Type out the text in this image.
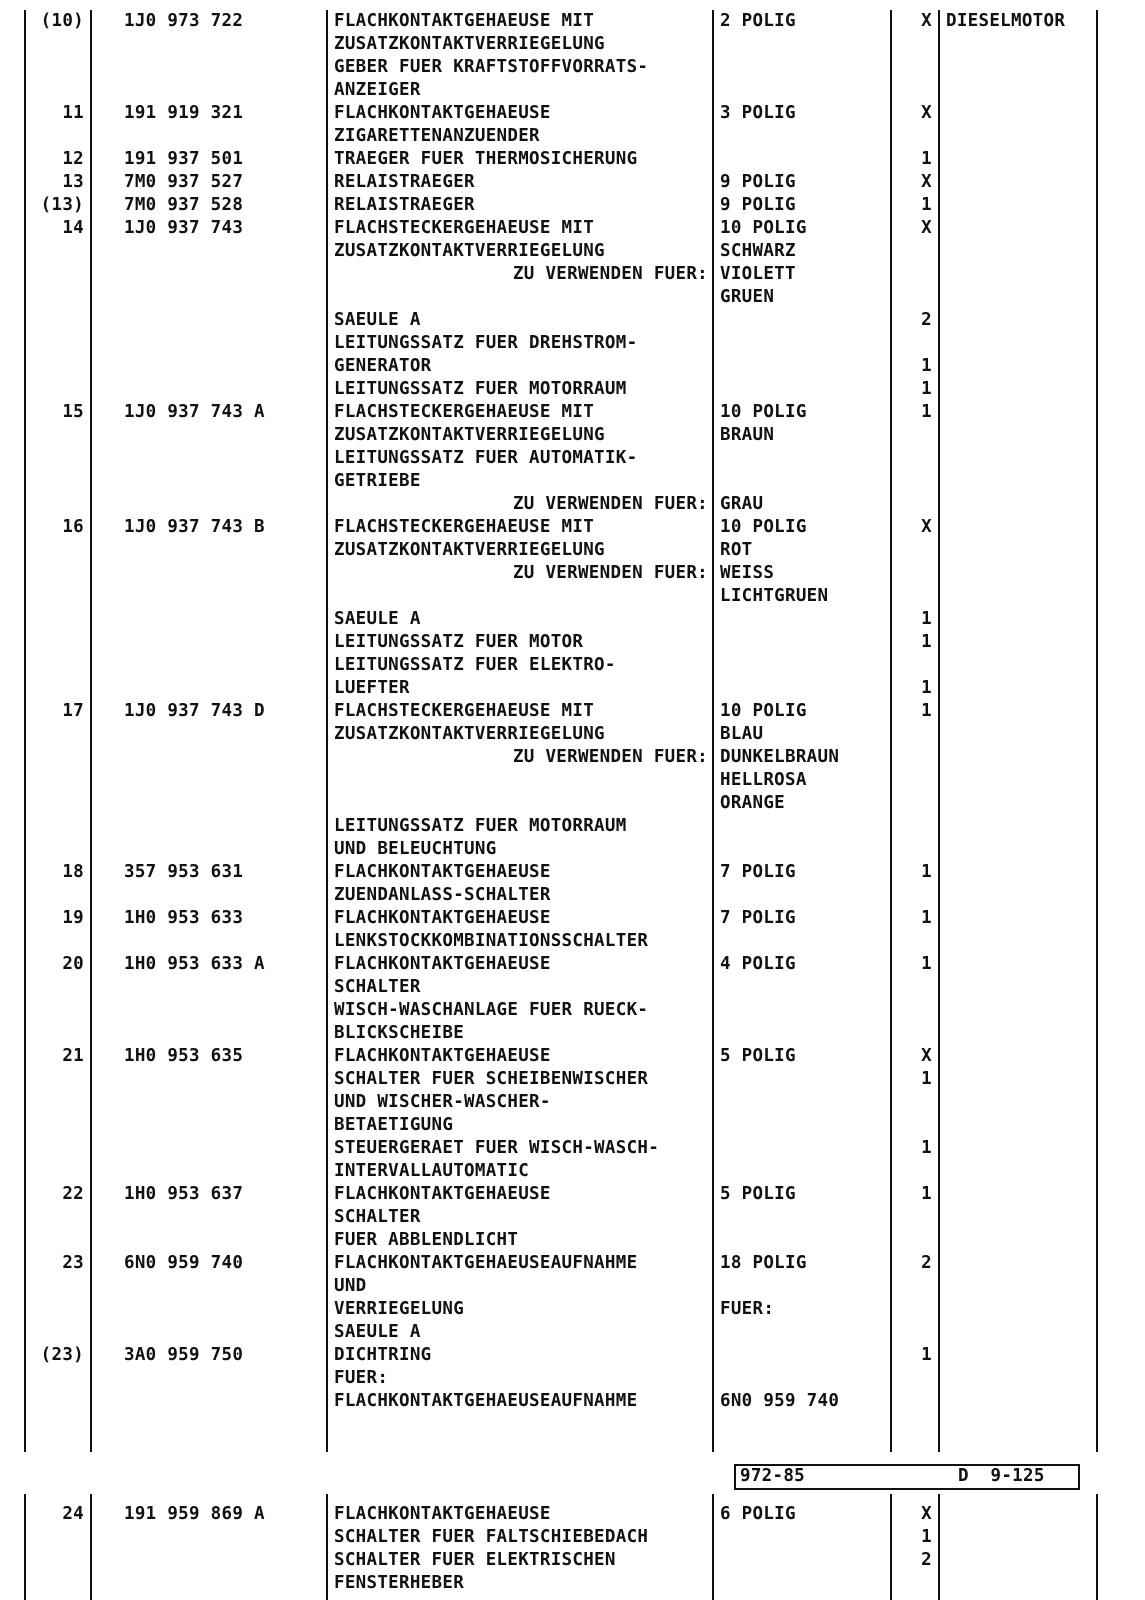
(10) 1J0 973 722	FLACHKONTAKTGEHAEUSE MIT	2 POLIG	X DIESELMOTOR
ZUSATZKONTAKTVERRIEGELUNG
GEBER FUER KRAFTSTOFFVORRATS-
ANZEIGER
11 191 919 321	FLACHKONTAKTGEHAEUSE	3 POLIG	X
ZIGARETTENANZUENDER
12 191 937 501	TRAEGER FUER THERMOSICHERUNG	1
13 7M0 937 527	RELAISTRAEGER	9 POLIG	X
(13) 7M0 937 528	RELAISTRAEGER	9 POLIG	1
14 1J0 937 743	FLACHSTECKERGEHAEUSE MIT	10 POLIG	X
ZUSATZKONTAKTVERRIEGELUNG	SCHWARZ
ZU VERWENDEN FUER: VIOLETT
GRUEN
SAEULE A	2
LEITUNGSSATZ FUER DREHSTROM-
GENERATOR	1
LEITUNGSSATZ FUER MOTORRAUM	1
15 1J0 937 743 A	FLACHSTECKERGEHAEUSE MIT	10 POLIG	1
ZUSATZKONTAKTVERRIEGELUNG	BRAUN
LEITUNGSSATZ FUER AUTOMATIK-
GETRIEBE
ZU VERWENDEN FUER: GRAU
16 1J0 937 743 B	FLACHSTECKERGEHAEUSE MIT	10 POLIG	X
ZUSATZKONTAKTVERRIEGELUNG	ROT
ZU VERWENDEN FUER: WEISS
LICHTGRUEN
SAEULE A	1
LEITUNGSSATZ FUER MOTOR	1
LEITUNGSSATZ FUER ELEKTRO-
LUEFTER	1
17 1J0 937 743 D	FLACHSTECKERGEHAEUSE MIT	10 POLIG	1
ZUSATZKONTAKTVERRIEGELUNG	BLAU
ZU VERWENDEN FUER: DUNKELBRAUN
HELLROSA
ORANGE
LEITUNGSSATZ FUER MOTORRAUM
UND BELEUCHTUNG
18 357 953 631	FLACHKONTAKTGEHAEUSE	7 POLIG	1
ZUENDANLASS-SCHALTER
19 1H0 953 633	FLACHKONTAKTGEHAEUSE	7 POLIG	1
LENKSTOCKKOMBINATIONSSCHALTER
20 1H0 953 633 A	FLACHKONTAKTGEHAEUSE	4 POLIG	1
SCHALTER
WISCH-WASCHANLAGE FUER RUECK-
BLICKSCHEIBE
21 1H0 953 635	FLACHKONTAKTGEHAEUSE	5 POLIG	X
SCHALTER FUER SCHEIBENWISCHER	1
UND WISCHER-WASCHER-
BETAETIGUNG
STEUERGERAET FUER WISCH-WASCH-	1
INTERVALLAUTOMATIC
22 1H0 953 637	FLACHKONTAKTGEHAEUSE	5 POLIG	1
SCHALTER
FUER ABBLENDLICHT
23 6N0 959 740	FLACHKONTAKTGEHAEUSEAUFNAHME	18 POLIG	2
UND
VERRIEGELUNG	FUER:
SAEULE A
(23) 3A0 959 750	DICHTRING	1
FUER:
FLACHKONTAKTGEHAEUSEAUFNAHME	6N0 959 740
972-85	D  9-125
24 191 959 869 A	FLACHKONTAKTGEHAEUSE	6 POLIG	X
SCHALTER FUER FALTSCHIEBEDACH	1
SCHALTER FUER ELEKTRISCHEN	2
FENSTERHEBER
